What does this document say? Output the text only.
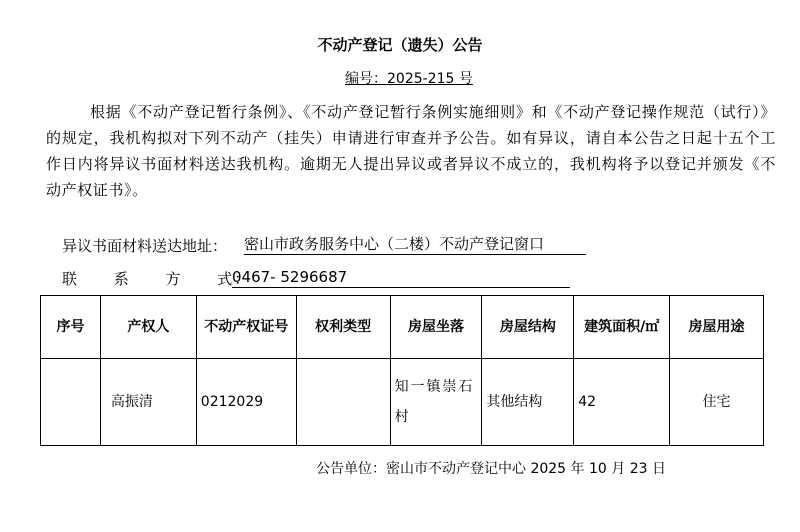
不动产登记（遗失）公告
编号：2025-215 号
根据《不动产登记暂行条例》、《不动产登记暂行条例实施细则》和《不动产登记操作规范（试行）》的规定，我机构拟对下列不动产（挂失）申请进行审查并予公告。如有异议，请自本公告之日起十五个工作日内将异议书面材料送达我机构。逾期无人提出异议或者异议不成立的，我机构将予以登记并颁发《不动产权证书》。
异议书面材料送达地址： 密山市政务服务中心（二楼）不动产登记窗口
联 系 方 式：
0467- 5296687
序号	产权人	不动产权证号	权利类型	房屋坐落	房屋结构	建筑面积/㎡	房屋用途
	高振清	0212029		知一镇崇石村	其他结构	42	住宅
公告单位：密山市不动产登记中心 2025 年 10 月 23 日
